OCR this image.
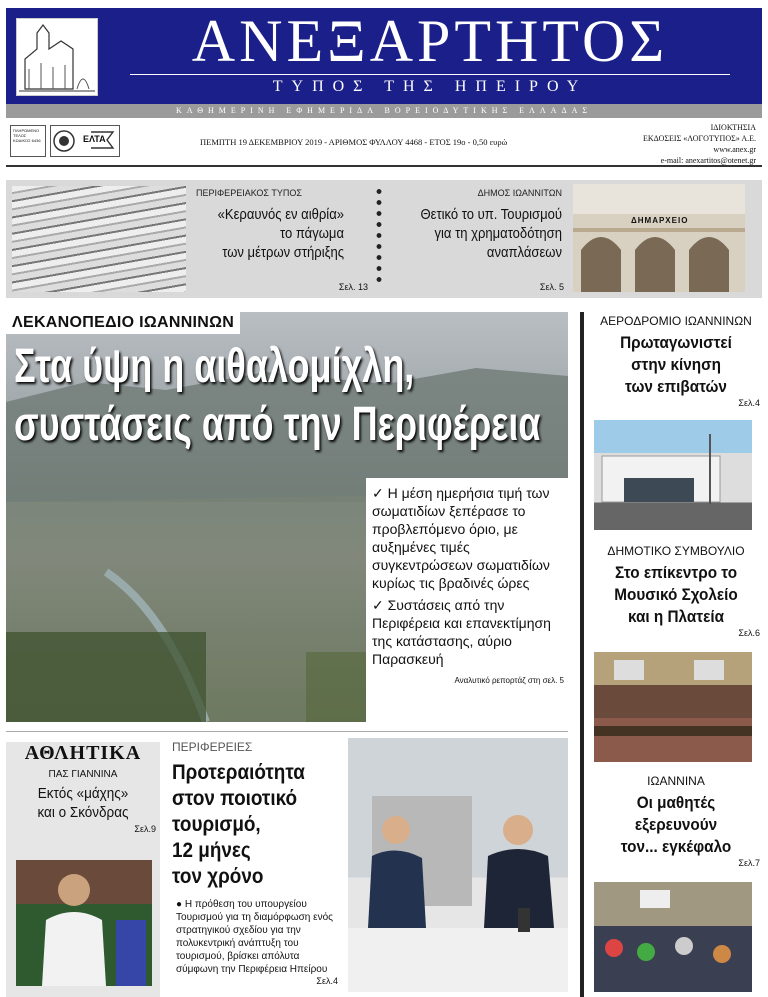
ΑΝΕΞΑΡΤΗΤΟΣ
ΤΥΠΟΣ ΤΗΣ ΗΠΕΙΡΟΥ
ΚΑΘΗΜΕΡΙΝΗ ΕΦΗΜΕΡΙΔΑ ΒΟΡΕΙΟΔΥΤΙΚΗΣ ΕΛΛΑΔΑΣ
ΠΛΗΡΩΜΕΝΟ ΤΕΛΟΣ ΚΩΔΙΚΟΣ 6436	ΕΛΤΑ	ΠΕΜΠΤΗ 19 ΔΕΚΕΜΒΡΙΟΥ 2019 - ΑΡΙΘΜΟΣ ΦΥΛΛΟΥ 4468 - ΕΤΟΣ 19ο - 0,50 ευρώ
ΙΔΙΟΚΤΗΣΙΑ
ΕΚΔΟΣΕΙΣ «ΛΟΓΟΤΥΠΟΣ» Α.Ε.
www.anex.gr
e-mail: anexartitos@otenet.gr
ΠΕΡΙΦΕΡΕΙΑΚΟΣ ΤΥΠΟΣ
«Κεραυνός εν αιθρία»
το πάγωμα
των μέτρων στήριξης
Σελ. 13
ΔΗΜΟΣ ΙΩΑΝΝΙΤΩΝ
Θετικό το υπ. Τουρισμού
για τη χρηματοδότηση
αναπλάσεων
Σελ. 5
ΔΗΜΑΡΧΕΙΟ
ΛΕΚΑΝΟΠΕΔΙΟ ΙΩΑΝΝΙΝΩΝ
Στα ύψη η αιθαλομίχλη,
συστάσεις από την Περιφέρεια
✓ Η μέση ημερήσια τιμή των σωματιδίων ξεπέρασε το προβλεπόμενο όριο, με αυξημένες τιμές συγκεντρώσεων σωματιδίων κυρίως τις βραδινές ώρες
✓ Συστάσεις από την Περιφέρεια και επανεκτίμηση της κατάστασης, αύριο Παρασκευή
Αναλυτικό ρεπορτάζ στη σελ. 5
ΑΕΡΟΔΡΟΜΙΟ ΙΩΑΝΝΙΝΩΝ
Πρωταγωνιστεί
στην κίνηση
των επιβατών
Σελ.4
ΔΗΜΟΤΙΚΟ ΣΥΜΒΟΥΛΙΟ
Στο επίκεντρο το
Μουσικό Σχολείο
και η Πλατεία
Σελ.6
ΙΩΑΝΝΙΝΑ
Οι μαθητές
εξερευνούν
τον... εγκέφαλο
Σελ.7
ΑΘΛΗΤΙΚΑ
ΠΑΣ ΓΙΑΝΝΙΝΑ
Εκτός «μάχης»
και ο Σκόνδρας
Σελ.9
ΠΕΡΙΦΕΡΕΙΕΣ
Προτεραιότητα
στον ποιοτικό
τουρισμό,
12 μήνες
τον χρόνο
● Η πρόθεση του υπουργείου Τουρισμού για τη διαμόρφωση ενός στρατηγικού σχεδίου για την πολυκεντρική ανάπτυξη του τουρισμού, βρίσκει απόλυτα σύμφωνη την Περιφέρεια Ηπείρου
Σελ.4
